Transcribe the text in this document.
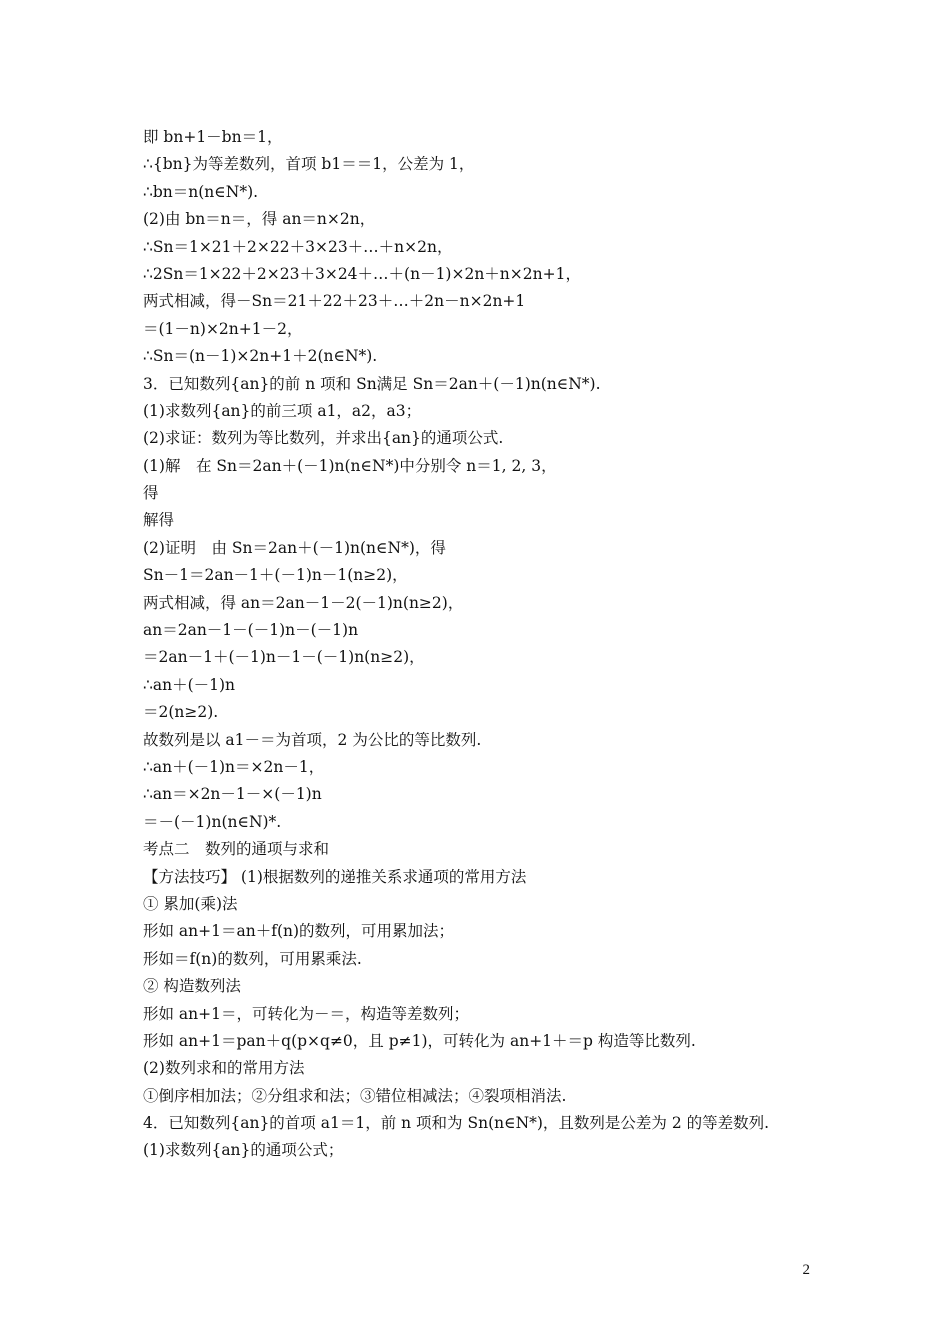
即 bn+1－bn＝1，
∴{bn}为等差数列，首项 b1＝＝1，公差为 1，
∴bn＝n(n∈N*).
(2)由 bn＝n＝，得 an＝n×2n，
∴Sn＝1×21＋2×22＋3×23＋…＋n×2n，
∴2Sn＝1×22＋2×23＋3×24＋…＋(n－1)×2n＋n×2n+1，
两式相减，得－Sn＝21＋22＋23＋…＋2n－n×2n+1
＝(1－n)×2n+1－2，
∴Sn＝(n－1)×2n+1＋2(n∈N*).
3．已知数列{an}的前 n 项和 Sn满足 Sn＝2an＋(－1)n(n∈N*).
(1)求数列{an}的前三项 a1，a2，a3；
(2)求证：数列为等比数列，并求出{an}的通项公式.
(1)解　在 Sn＝2an＋(－1)n(n∈N*)中分别令 n＝1, 2, 3，
得
解得
(2)证明　由 Sn＝2an＋(－1)n(n∈N*)，得
Sn－1＝2an－1＋(－1)n－1(n≥2)，
两式相减，得 an＝2an－1－2(－1)n(n≥2)，
an＝2an－1－(－1)n－(－1)n
＝2an－1＋(－1)n－1－(－1)n(n≥2)，
∴an＋(－1)n
＝2(n≥2).
故数列是以 a1－＝为首项，2 为公比的等比数列.
∴an＋(－1)n＝×2n－1，
∴an＝×2n－1－×(－1)n
＝－(－1)n(n∈N)*.
考点二　数列的通项与求和
【方法技巧】 (1)根据数列的递推关系求通项的常用方法
① 累加(乘)法
形如 an+1＝an＋f(n)的数列，可用累加法；
形如＝f(n)的数列，可用累乘法.
② 构造数列法
形如 an+1＝，可转化为－＝，构造等差数列；
形如 an+1＝pan＋q(p×q≠0，且 p≠1)，可转化为 an+1＋＝p 构造等比数列.
(2)数列求和的常用方法
①倒序相加法；②分组求和法；③错位相减法；④裂项相消法.
4．已知数列{an}的首项 a1＝1，前 n 项和为 Sn(n∈N*)，且数列是公差为 2 的等差数列.
(1)求数列{an}的通项公式；
2
